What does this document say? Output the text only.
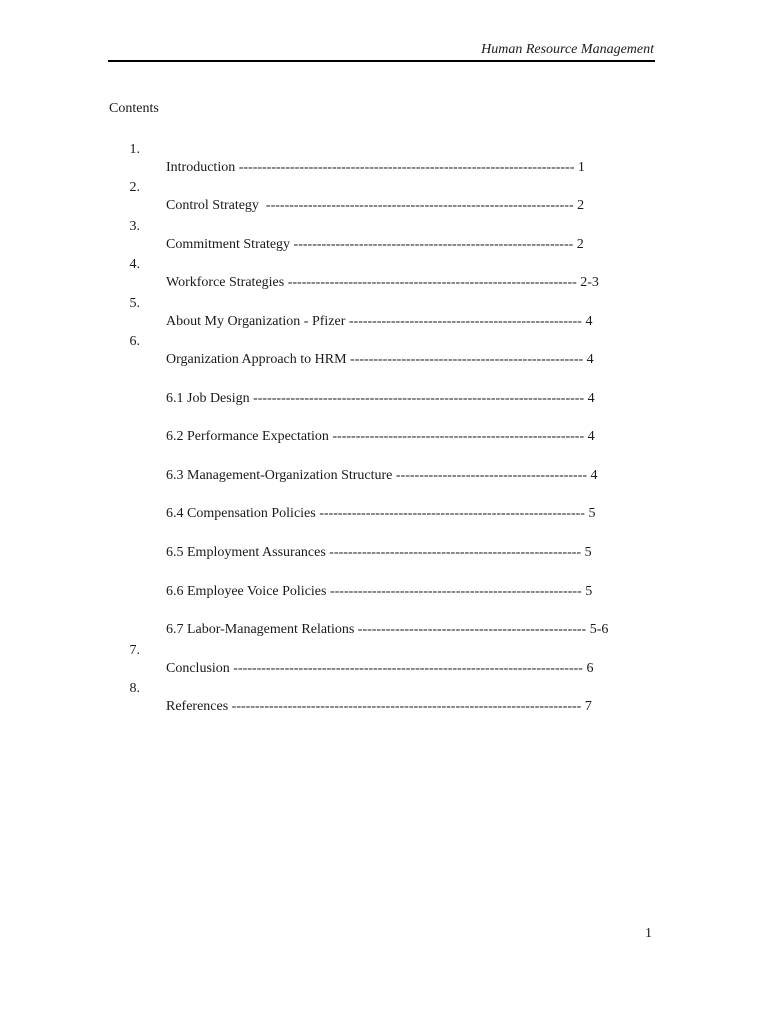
Human Resource Management
Contents

1.
Introduction ------------------------------------------------------------------------ 1

2.
Control Strategy  ------------------------------------------------------------------ 2

3.
Commitment Strategy ------------------------------------------------------------ 2

4.
Workforce Strategies -------------------------------------------------------------- 2-3

5.
About My Organization - Pfizer -------------------------------------------------- 4

6.
Organization Approach to HRM -------------------------------------------------- 4

6.1 Job Design ----------------------------------------------------------------------- 4

6.2 Performance Expectation ------------------------------------------------------ 4

6.3 Management-Organization Structure ----------------------------------------- 4

6.4 Compensation Policies --------------------------------------------------------- 5

6.5 Employment Assurances ------------------------------------------------------ 5

6.6 Employee Voice Policies ------------------------------------------------------ 5

6.7 Labor-Management Relations ------------------------------------------------- 5-6

7.
Conclusion --------------------------------------------------------------------------- 6

8.
References --------------------------------------------------------------------------- 7

1
